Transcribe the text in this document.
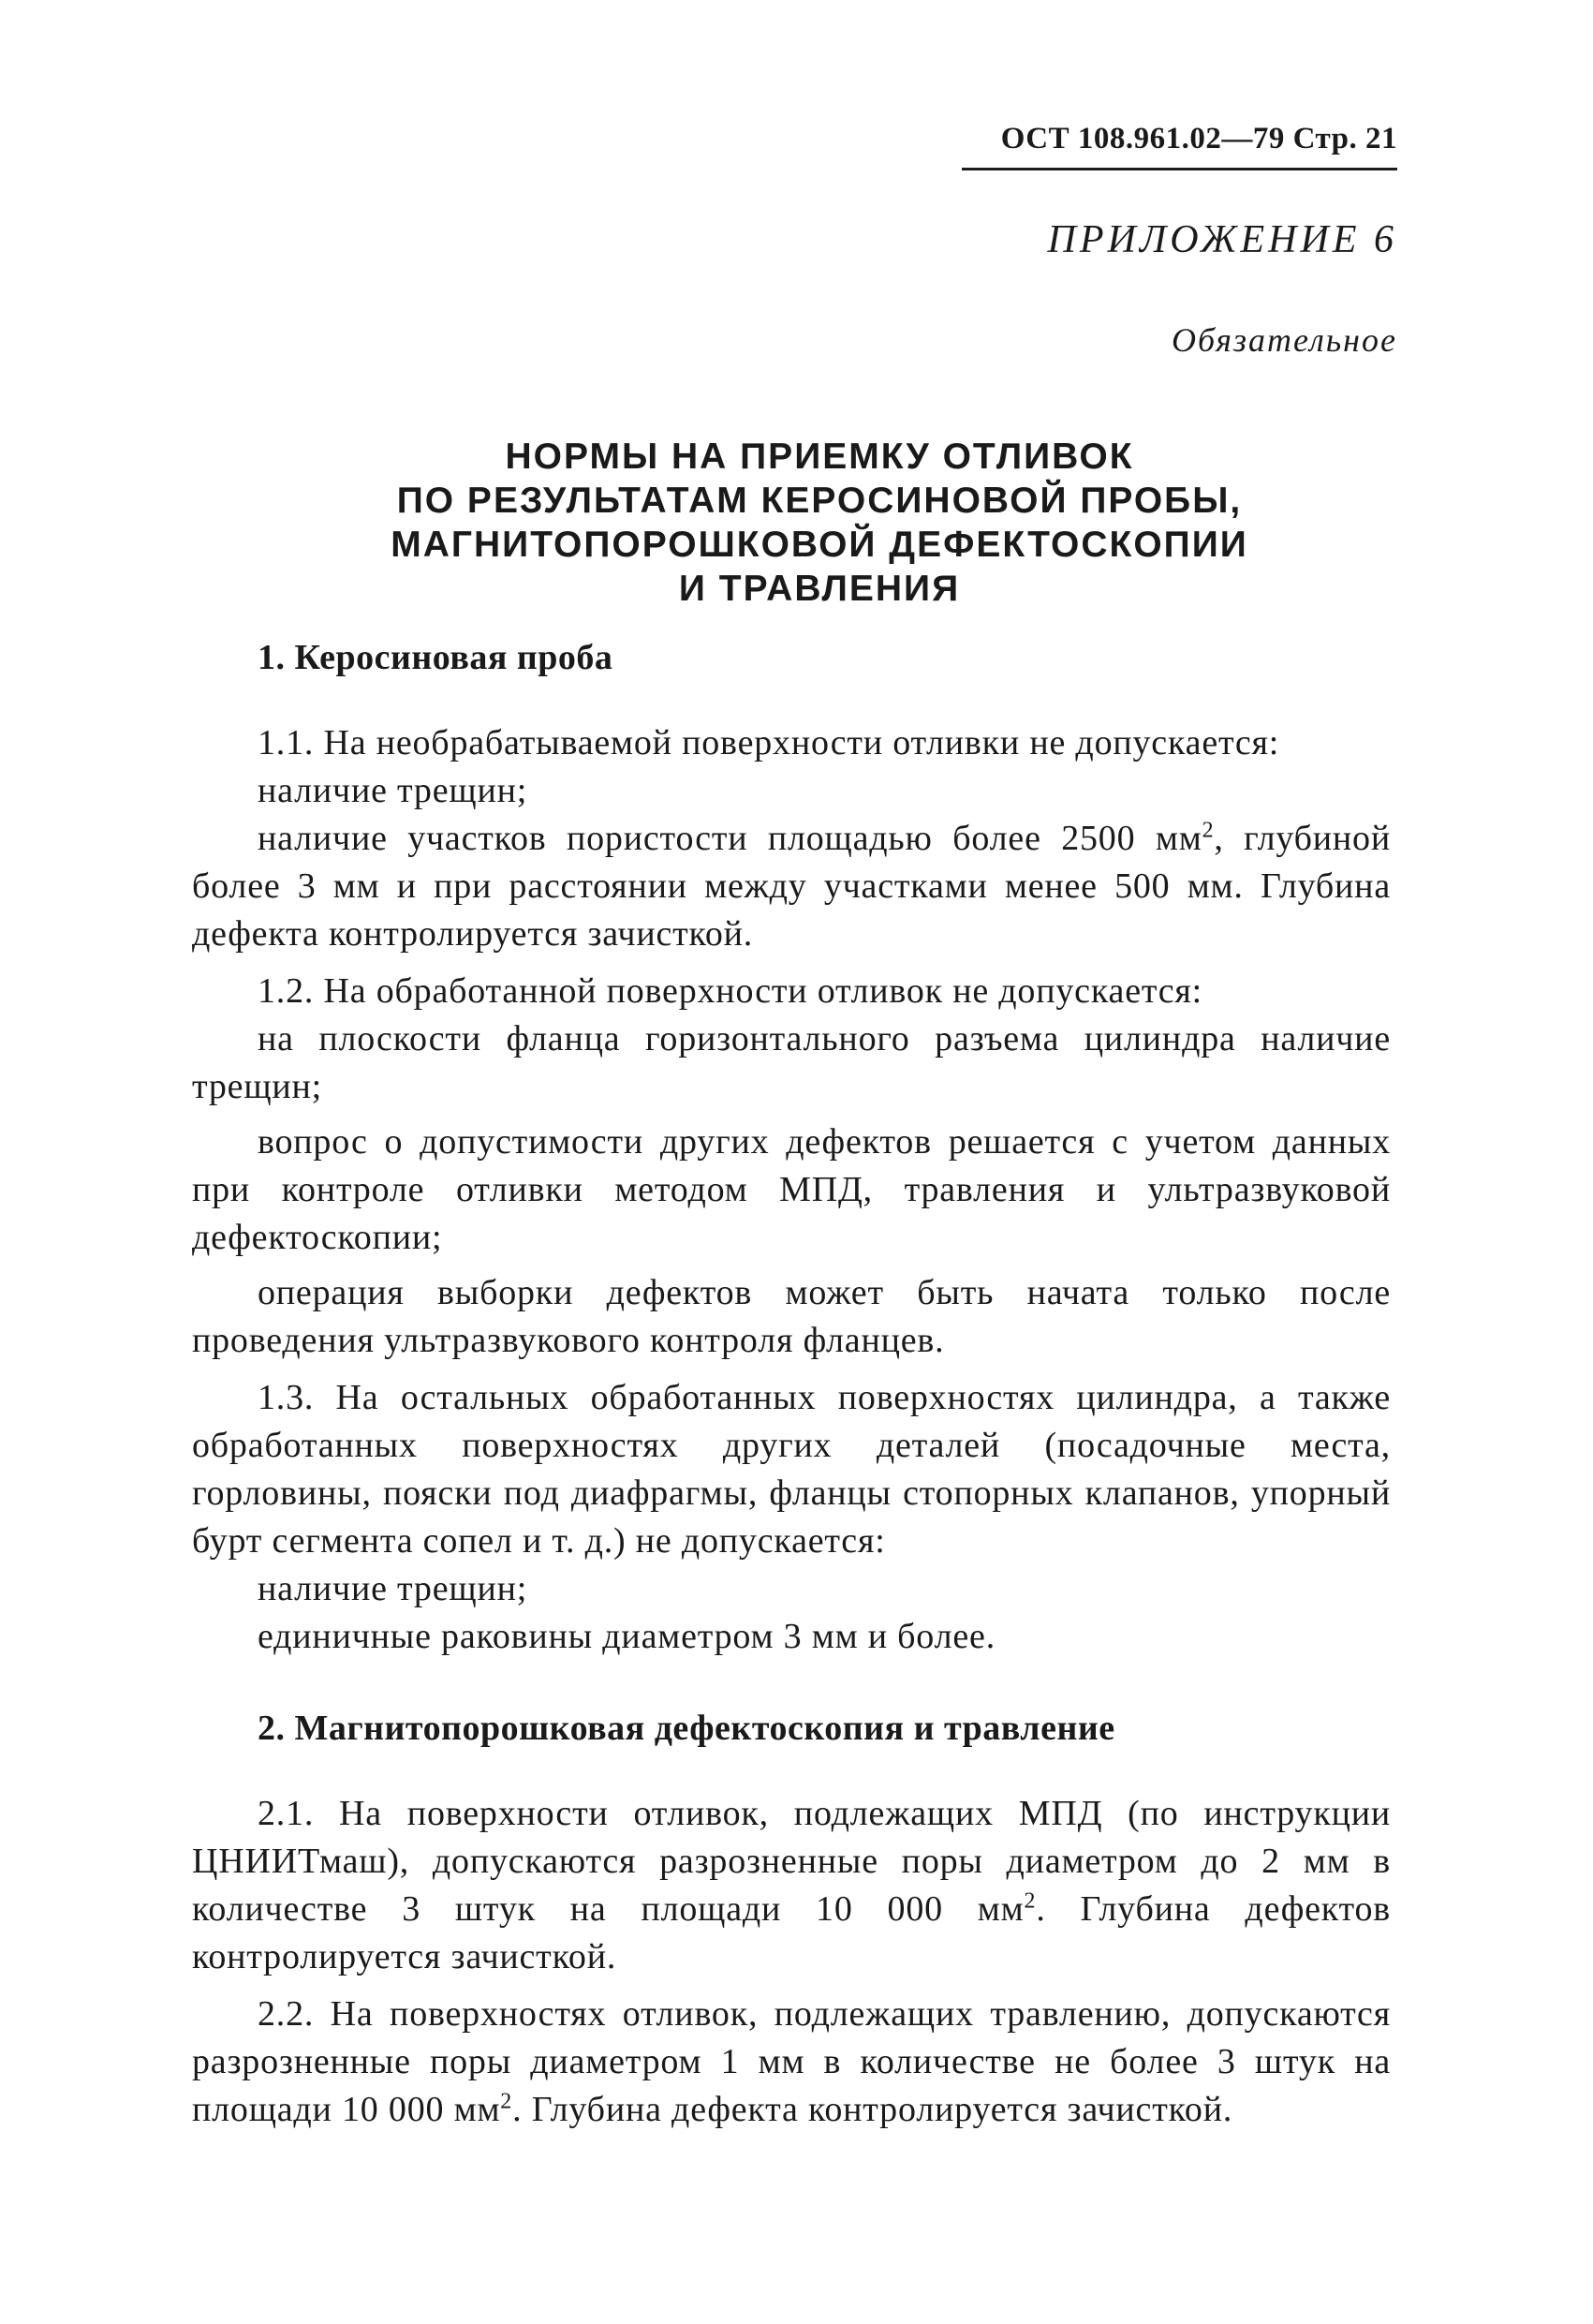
ОСТ 108.961.02—79 Стр. 21
ПРИЛОЖЕНИЕ 6
Обязательное
НОРМЫ НА ПРИЕМКУ ОТЛИВОК
ПО РЕЗУЛЬТАТАМ КЕРОСИНОВОЙ ПРОБЫ,
МАГНИТОПОРОШКОВОЙ ДЕФЕКТОСКОПИИ
И ТРАВЛЕНИЯ
1. Керосиновая проба

1.1. На необрабатываемой поверхности отливки не допускается:

наличие трещин;

наличие участков пористости площадью более 2500 $мм^2$, глубиной более 3 мм и при расстоянии между участками менее 500 мм. Глубина дефекта контролируется зачисткой.

1.2. На обработанной поверхности отливок не допускается:

на плоскости фланца горизонтального разъема цилиндра наличие трещин;

вопрос о допустимости других дефектов решается с учетом данных при контроле отливки методом МПД, травления и ультразвуковой дефектоскопии;

операция выборки дефектов может быть начата только после проведения ультразвукового контроля фланцев.

1.3. На остальных обработанных поверхностях цилиндра, а также обработанных поверхностях других деталей (посадочные места, горловины, пояски под диафрагмы, фланцы стопорных клапанов, упорный бурт сегмента сопел и т. д.) не допускается:

наличие трещин;

единичные раковины диаметром 3 мм и более.

2. Магнитопорошковая дефектоскопия и травление

2.1. На поверхности отливок, подлежащих МПД (по инструкции ЦНИИТмаш), допускаются разрозненные поры диаметром до 2 мм в количестве 3 штук на площади 10 000 $мм^2$. Глубина дефектов контролируется зачисткой.

2.2. На поверхностях отливок, подлежащих травлению, допускаются разрозненные поры диаметром 1 мм в количестве не более 3 штук на площади 10 000 $мм^2$. Глубина дефекта контролируется зачисткой.
